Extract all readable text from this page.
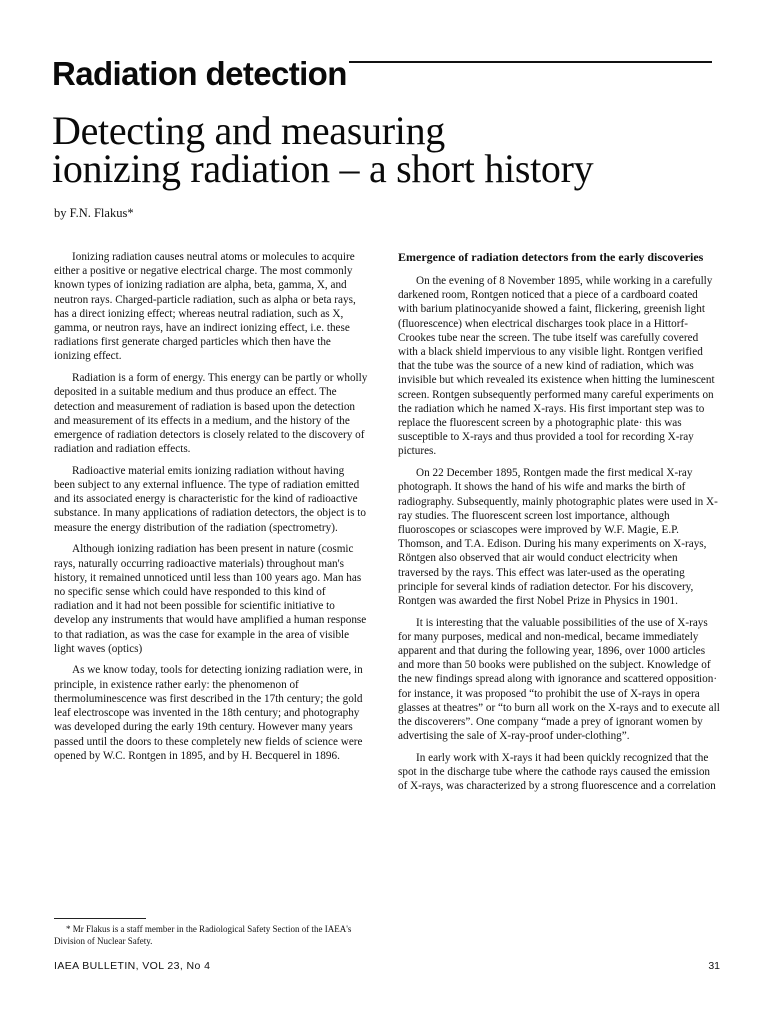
Radiation detection
Detecting and measuring
ionizing radiation – a short history
by F.N. Flakus*

Ionizing radiation causes neutral atoms or molecules to acquire either a positive or negative electrical charge. The most commonly known types of ionizing radiation are alpha, beta, gamma, X, and neutron rays. Charged-particle radiation, such as alpha or beta rays, has a direct ionizing effect; whereas neutral radiation, such as X, gamma, or neutron rays, have an indirect ionizing effect, i.e. these radiations first generate charged particles which then have the ionizing effect.

Radiation is a form of energy. This energy can be partly or wholly deposited in a suitable medium and thus produce an effect. The detection and measurement of radiation is based upon the detection and measurement of its effects in a medium, and the history of the emergence of radiation detectors is closely related to the discovery of radiation and radiation effects.

Radioactive material emits ionizing radiation without having been subject to any external influence. The type of radiation emitted and its associated energy is characteristic for the kind of radioactive substance. In many applications of radiation detectors, the object is to measure the energy distribution of the radiation (spectrometry).

Although ionizing radiation has been present in nature (cosmic rays, naturally occurring radioactive materials) throughout man's history, it remained unnoticed until less than 100 years ago. Man has no specific sense which could have responded to this kind of radiation and it had not been possible for scientific initiative to develop any instruments that would have amplified a human response to that radiation, as was the case for example in the area of visible light waves (optics)

As we know today, tools for detecting ionizing radiation were, in principle, in existence rather early: the phenomenon of thermoluminescence was first described in the 17th century; the gold leaf electroscope was invented in the 18th century; and photography was developed during the early 19th century. However many years passed until the doors to these completely new fields of science were opened by W.C. Rontgen in 1895, and by H. Becquerel in 1896.

* Mr Flakus is a staff member in the Radiological Safety Section of the IAEA's Division of Nuclear Safety.
Emergence of radiation detectors from the early discoveries

On the evening of 8 November 1895, while working in a carefully darkened room, Rontgen noticed that a piece of a cardboard coated with barium platinocyanide showed a faint, flickering, greenish light (fluorescence) when electrical discharges took place in a Hittorf-Crookes tube near the screen. The tube itself was carefully covered with a black shield impervious to any visible light. Rontgen verified that the tube was the source of a new kind of radiation, which was invisible but which revealed its existence when hitting the luminescent screen. Rontgen subsequently performed many careful experiments on the radiation which he named X-rays. His first important step was to replace the fluorescent screen by a photographic plate· this was susceptible to X-rays and thus provided a tool for recording X-ray pictures.

On 22 December 1895, Rontgen made the first medical X-ray photograph. It shows the hand of his wife and marks the birth of radiography. Subsequently, mainly photographic plates were used in X-ray studies. The fluorescent screen lost importance, although fluoroscopes or sciascopes were improved by W.F. Magie, E.P. Thomson, and T.A. Edison. During his many experiments on X-rays, Röntgen also observed that air would conduct electricity when traversed by the rays. This effect was later-used as the operating principle for several kinds of radiation detector. For his discovery, Rontgen was awarded the first Nobel Prize in Physics in 1901.

It is interesting that the valuable possibilities of the use of X-rays for many purposes, medical and non-medical, became immediately apparent and that during the following year, 1896, over 1000 articles and more than 50 books were published on the subject. Knowledge of the new findings spread along with ignorance and scattered opposition· for instance, it was proposed “to prohibit the use of X-rays in opera glasses at theatres” or “to burn all work on the X-rays and to execute all the discoverers”. One company “made a prey of ignorant women by advertising the sale of X-ray-proof under-clothing”.

In early work with X-rays it had been quickly recognized that the spot in the discharge tube where the cathode rays caused the emission of X-rays, was characterized by a strong fluorescence and a correlation

IAEA BULLETIN, VOL 23, No 4	31
